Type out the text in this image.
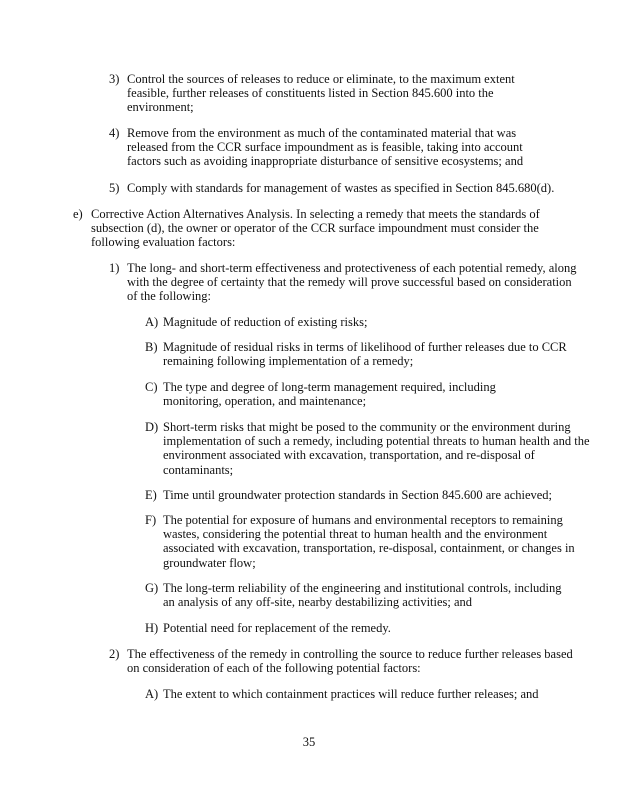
3) Control the sources of releases to reduce or eliminate, to the maximum extent feasible, further releases of constituents listed in Section 845.600 into the environment;
4) Remove from the environment as much of the contaminated material that was released from the CCR surface impoundment as is feasible, taking into account factors such as avoiding inappropriate disturbance of sensitive ecosystems; and
5) Comply with standards for management of wastes as specified in Section 845.680(d).
e) Corrective Action Alternatives Analysis. In selecting a remedy that meets the standards of subsection (d), the owner or operator of the CCR surface impoundment must consider the following evaluation factors:
1) The long- and short-term effectiveness and protectiveness of each potential remedy, along with the degree of certainty that the remedy will prove successful based on consideration of the following:
A) Magnitude of reduction of existing risks;
B) Magnitude of residual risks in terms of likelihood of further releases due to CCR remaining following implementation of a remedy;
C) The type and degree of long-term management required, including monitoring, operation, and maintenance;
D) Short-term risks that might be posed to the community or the environment during implementation of such a remedy, including potential threats to human health and the environment associated with excavation, transportation, and re-disposal of contaminants;
E) Time until groundwater protection standards in Section 845.600 are achieved;
F) The potential for exposure of humans and environmental receptors to remaining wastes, considering the potential threat to human health and the environment associated with excavation, transportation, re-disposal, containment, or changes in groundwater flow;
G) The long-term reliability of the engineering and institutional controls, including an analysis of any off-site, nearby destabilizing activities; and
H) Potential need for replacement of the remedy.
2) The effectiveness of the remedy in controlling the source to reduce further releases based on consideration of each of the following potential factors:
A) The extent to which containment practices will reduce further releases; and
35
